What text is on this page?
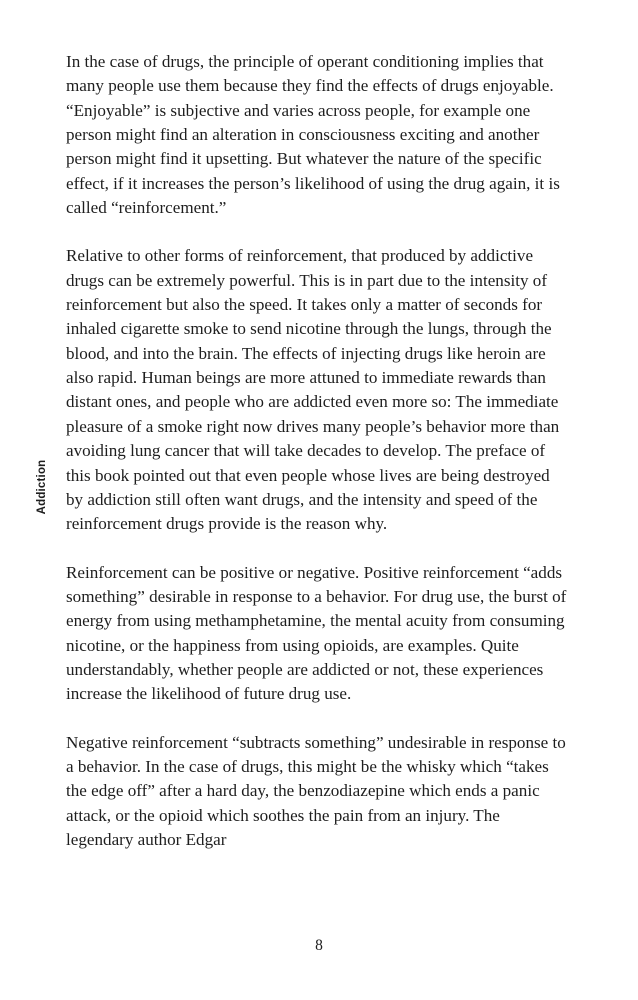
In the case of drugs, the principle of operant conditioning implies that many people use them because they find the effects of drugs enjoyable. “Enjoyable” is subjective and varies across people, for example one person might find an alteration in consciousness exciting and another person might find it upsetting. But whatever the nature of the specific effect, if it increases the person’s likelihood of using the drug again, it is called “reinforcement.”

Relative to other forms of reinforcement, that produced by addictive drugs can be extremely powerful. This is in part due to the intensity of reinforcement but also the speed. It takes only a matter of seconds for inhaled cigarette smoke to send nicotine through the lungs, through the blood, and into the brain. The effects of injecting drugs like heroin are also rapid. Human beings are more attuned to immediate rewards than distant ones, and people who are addicted even more so: The immediate pleasure of a smoke right now drives many people’s behavior more than avoiding lung cancer that will take decades to develop. The preface of this book pointed out that even people whose lives are being destroyed by addiction still often want drugs, and the intensity and speed of the reinforcement drugs provide is the reason why.

Reinforcement can be positive or negative. Positive reinforcement “adds something” desirable in response to a behavior. For drug use, the burst of energy from using methamphetamine, the mental acuity from consuming nicotine, or the happiness from using opioids, are examples. Quite understandably, whether people are addicted or not, these experiences increase the likelihood of future drug use.

Negative reinforcement “subtracts something” undesirable in response to a behavior. In the case of drugs, this might be the whisky which “takes the edge off” after a hard day, the benzodiazepine which ends a panic attack, or the opioid which soothes the pain from an injury. The legendary author Edgar

Addiction
8
